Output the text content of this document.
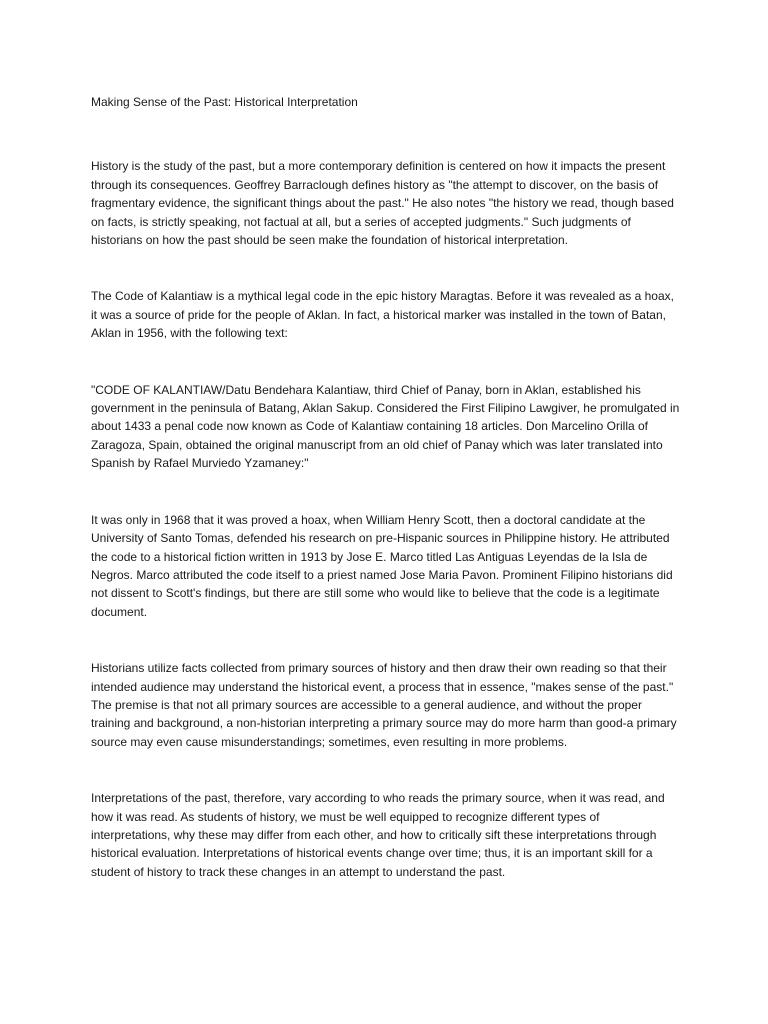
Making Sense of the Past: Historical Interpretation

History is the study of the past, but a more contemporary definition is centered on how it impacts the present through its consequences. Geoffrey Barraclough defines history as "the attempt to discover, on the basis of fragmentary evidence, the significant things about the past." He also notes "the history we read, though based on facts, is strictly speaking, not factual at all, but a series of accepted judgments." Such judgments of historians on how the past should be seen make the foundation of historical interpretation.

The Code of Kalantiaw is a mythical legal code in the epic history Maragtas. Before it was revealed as a hoax, it was a source of pride for the people of Aklan. In fact, a historical marker was installed in the town of Batan, Aklan in 1956, with the following text:

"CODE OF KALANTIAW/Datu Bendehara Kalantiaw, third Chief of Panay, born in Aklan, established his government in the peninsula of Batang, Aklan Sakup. Considered the First Filipino Lawgiver, he promulgated in about 1433 a penal code now known as Code of Kalantiaw containing 18 articles. Don Marcelino Orilla of Zaragoza, Spain, obtained the original manuscript from an old chief of Panay which was later translated into Spanish by Rafael Murviedo Yzamaney:"

It was only in 1968 that it was proved a hoax, when William Henry Scott, then a doctoral candidate at the University of Santo Tomas, defended his research on pre-Hispanic sources in Philippine history. He attributed the code to a historical fiction written in 1913 by Jose E. Marco titled Las Antiguas Leyendas de la Isla de Negros. Marco attributed the code itself to a priest named Jose Maria Pavon. Prominent Filipino historians did not dissent to Scott's findings, but there are still some who would like to believe that the code is a legitimate document.

Historians utilize facts collected from primary sources of history and then draw their own reading so that their intended audience may understand the historical event, a process that in essence, "makes sense of the past." The premise is that not all primary sources are accessible to a general audience, and without the proper training and background, a non-historian interpreting a primary source may do more harm than good-a primary source may even cause misunderstandings; sometimes, even resulting in more problems.

Interpretations of the past, therefore, vary according to who reads the primary source, when it was read, and how it was read. As students of history, we must be well equipped to recognize different types of interpretations, why these may differ from each other, and how to critically sift these interpretations through historical evaluation. Interpretations of historical events change over time; thus, it is an important skill for a student of history to track these changes in an attempt to understand the past.
